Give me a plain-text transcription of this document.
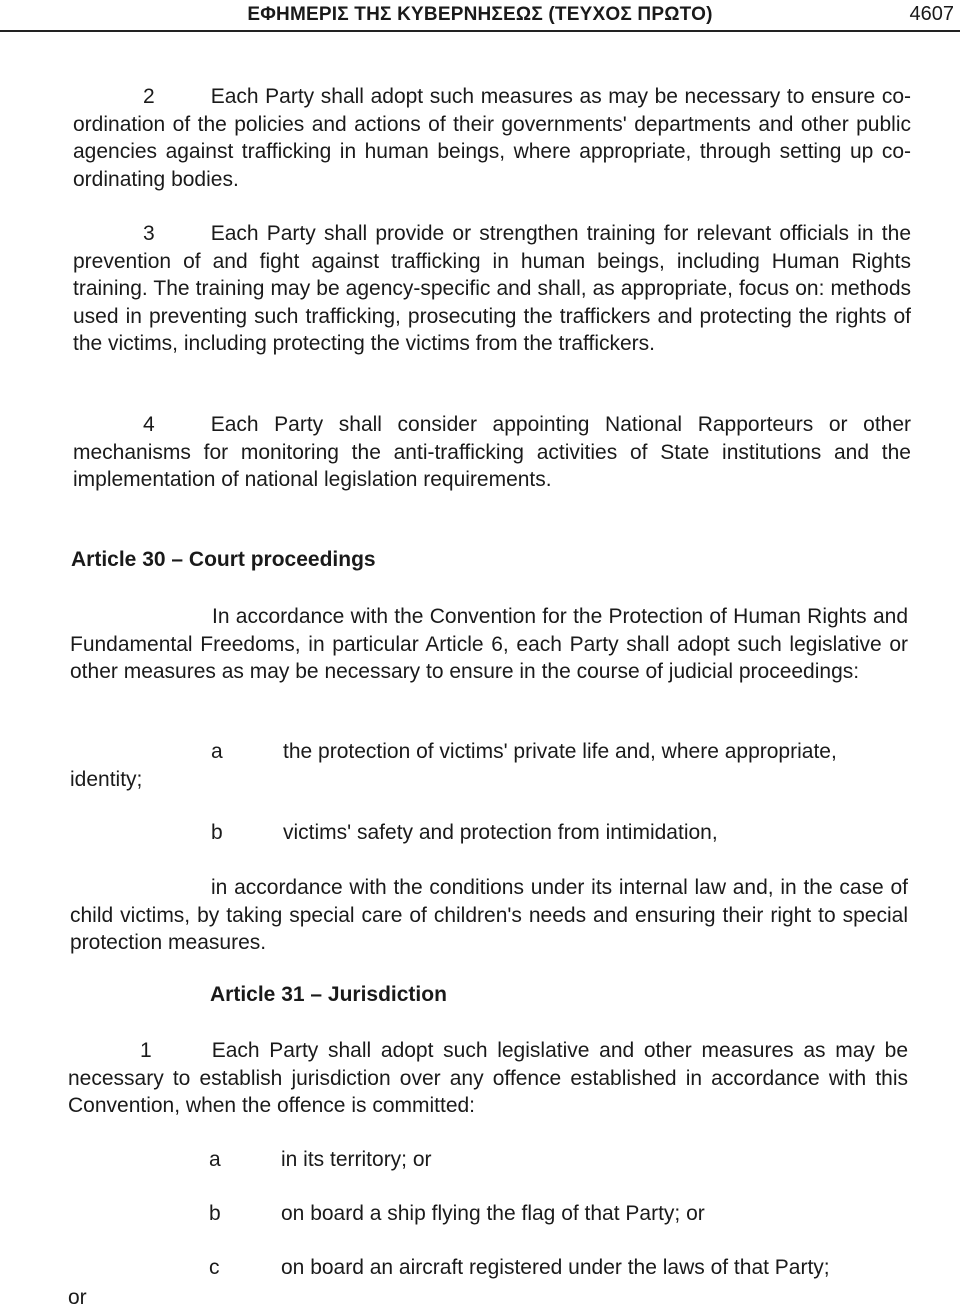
ΕΦΗΜΕΡΙΣ ΤΗΣ ΚΥΒΕΡΝΗΣΕΩΣ (ΤΕΥΧΟΣ ΠΡΩΤΟ)	4607

2	Each Party shall adopt such measures as may be necessary to ensure co-ordination of the policies and actions of their governments' departments and other public agencies against trafficking in human beings, where appropriate, through setting up co-ordinating bodies.

3	Each Party shall provide or strengthen training for relevant officials in the prevention of and fight against trafficking in human beings, including Human Rights training. The training may be agency-specific and shall, as appropriate, focus on: methods used in preventing such trafficking, prosecuting the traffickers and protecting the rights of the victims, including protecting the victims from the traffickers.

4	Each Party shall consider appointing National Rapporteurs or other mechanisms for monitoring the anti-trafficking activities of State institutions and the implementation of national legislation requirements.

Article 30 – Court proceedings

In accordance with the Convention for the Protection of Human Rights and Fundamental Freedoms, in particular Article 6, each Party shall adopt such legislative or other measures as may be necessary to ensure in the course of judicial proceedings:

a	the protection of victims' private life and, where appropriate,
identity;
b	victims' safety and protection from intimidation,

in accordance with the conditions under its internal law and, in the case of child victims, by taking special care of children's needs and ensuring their right to special protection measures.

Article 31 – Jurisdiction

1	Each Party shall adopt such legislative and other measures as may be necessary to establish jurisdiction over any offence established in accordance with this Convention, when the offence is committed:

a	in its territory; or
b	on board a ship flying the flag of that Party; or
c	on board an aircraft registered under the laws of that Party;
or
